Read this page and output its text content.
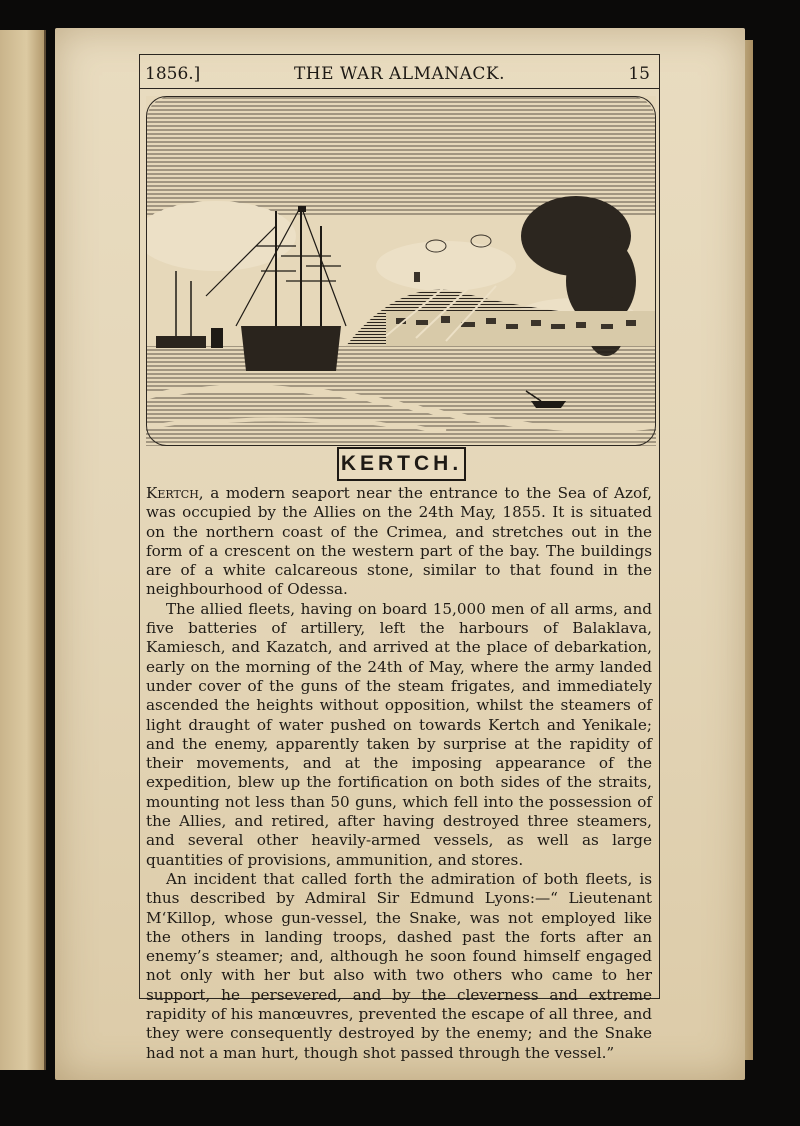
1856.]	THE WAR ALMANACK.	15
KERTCH.

Kertch, a modern seaport near the entrance to the Sea of Azof, was occupied by the Allies on the 24th May, 1855. It is situated on the northern coast of the Crimea, and stretches out in the form of a crescent on the western part of the bay. The buildings are of a white calcareous stone, similar to that found in the neighbourhood of Odessa.

The allied fleets, having on board 15,000 men of all arms, and five batteries of artillery, left the harbours of Balaklava, Kamiesch, and Kazatch, and arrived at the place of debarkation, early on the morning of the 24th of May, where the army landed under cover of the guns of the steam frigates, and immediately ascended the heights without opposition, whilst the steamers of light draught of water pushed on towards Kertch and Yenikale; and the enemy, apparently taken by surprise at the rapidity of their movements, and at the imposing appearance of the expedition, blew up the fortification on both sides of the straits, mounting not less than 50 guns, which fell into the possession of the Allies, and retired, after having destroyed three steamers, and several other heavily-armed vessels, as well as large quantities of provisions, ammunition, and stores.

An incident that called forth the admiration of both fleets, is thus described by Admiral Sir Edmund Lyons:—“ Lieutenant M‘Killop, whose gun-vessel, the Snake, was not employed like the others in landing troops, dashed past the forts after an enemy’s steamer; and, although he soon found himself engaged not only with her but also with two others who came to her support, he persevered, and by the cleverness and extreme rapidity of his manœuvres, prevented the escape of all three, and they were consequently destroyed by the enemy; and the Snake had not a man hurt, though shot passed through the vessel.”
